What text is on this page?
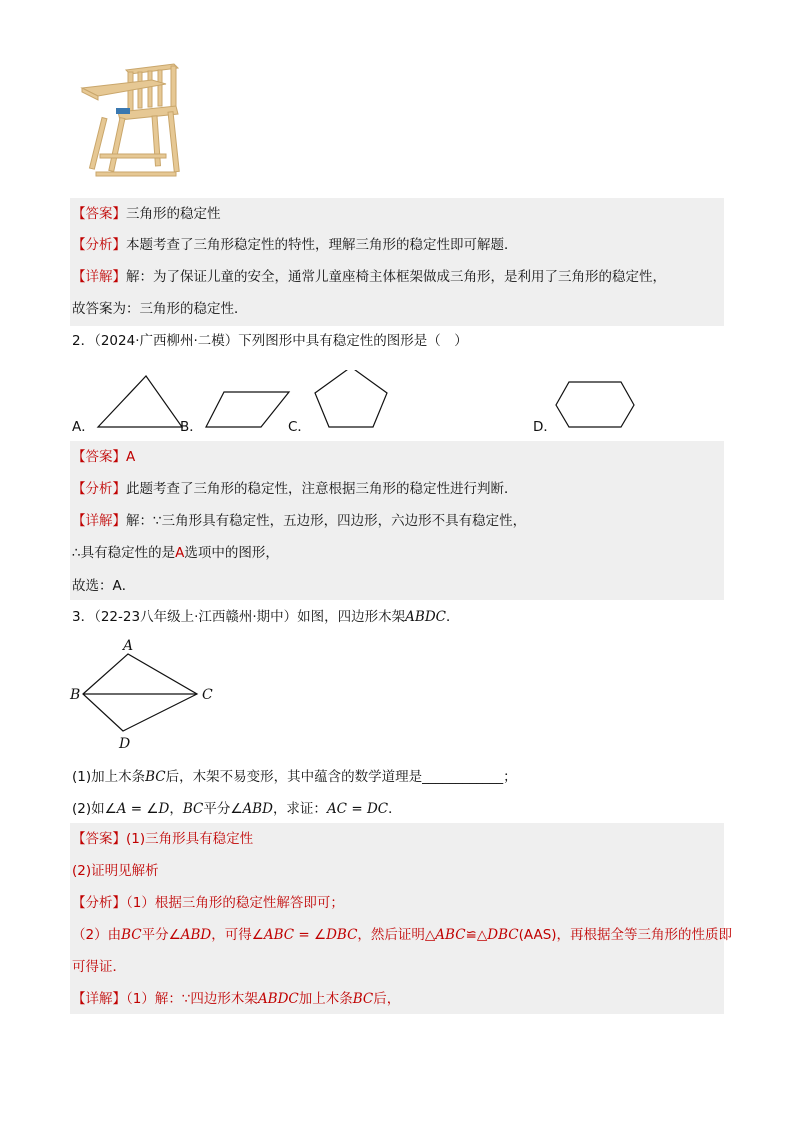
【答案】三角形的稳定性
【分析】本题考查了三角形稳定性的特性，理解三角形的稳定性即可解题．
【详解】解：为了保证儿童的安全，通常儿童座椅主体框架做成三角形，是利用了三角形的稳定性，
故答案为：三角形的稳定性．
2．（2024·广西柳州·二模）下列图形中具有稳定性的图形是（　）
A．	B．	C．	D．
【答案】A
【分析】此题考查了三角形的稳定性，注意根据三角形的稳定性进行判断．
【详解】解：∵三角形具有稳定性，五边形，四边形，六边形不具有稳定性，
∴具有稳定性的是A选项中的图形，
故选：A．
3．（22-23八年级上·江西赣州·期中）如图，四边形木架ABDC．
A
B	C
D
(1)加上木条BC后，木架不易变形，其中蕴含的数学道理是____________；
(2)如∠A = ∠D，BC平分∠ABD，求证：AC = DC．
【答案】(1)三角形具有稳定性
(2)证明见解析
【分析】（1）根据三角形的稳定性解答即可；
（2）由BC平分∠ABD，可得∠ABC = ∠DBC，然后证明△ABC≌△DBC(AAS)，再根据全等三角形的性质即
可得证．
【详解】（1）解：∵四边形木架ABDC加上木条BC后，
